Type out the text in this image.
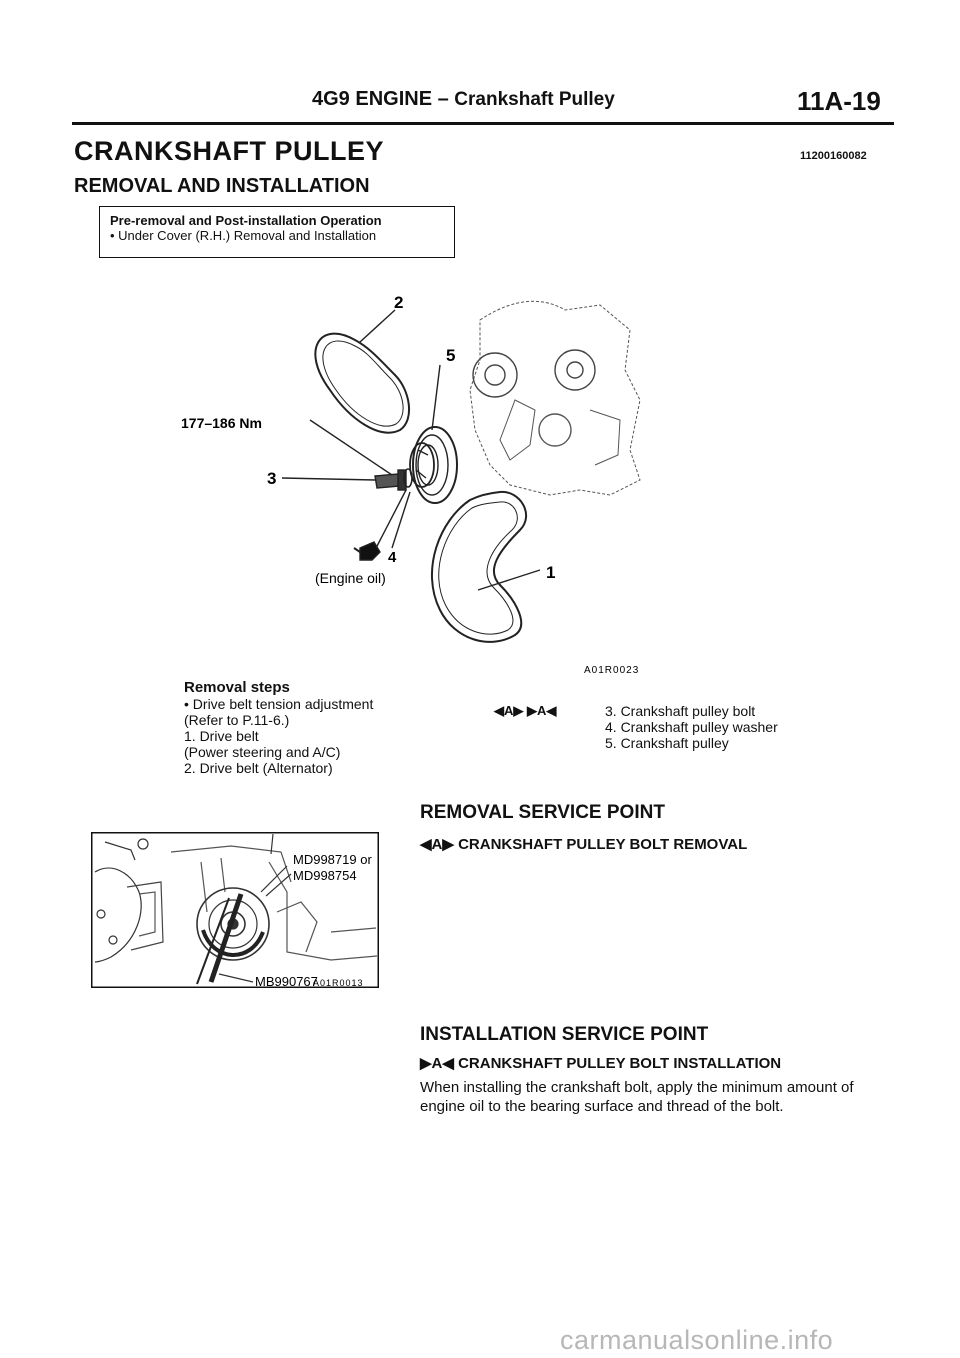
4G9 ENGINE – Crankshaft Pulley	11A-19
CRANKSHAFT PULLEY	11200160082
REMOVAL AND INSTALLATION
Pre-removal and Post-installation Operation
• Under Cover (R.H.) Removal and Installation
2
5
177–186 Nm
3
4
(Engine oil)	1
A01R0023
Removal steps
• Drive belt tension adjustment
(Refer to P.11-6.)
1. Drive belt
(Power steering and A/C)
2. Drive belt (Alternator)
◀A▶ ▶A◀	3. Crankshaft pulley bolt
4. Crankshaft pulley washer
5. Crankshaft pulley
MD998719 or
MD998754
MB990767
A01R0013
REMOVAL SERVICE POINT
◀A▶ CRANKSHAFT PULLEY BOLT REMOVAL
INSTALLATION SERVICE POINT
▶A◀ CRANKSHAFT PULLEY BOLT INSTALLATION
When installing the crankshaft bolt, apply the minimum amount of engine oil to the bearing surface and thread of the bolt.
carmanualsonline.info
